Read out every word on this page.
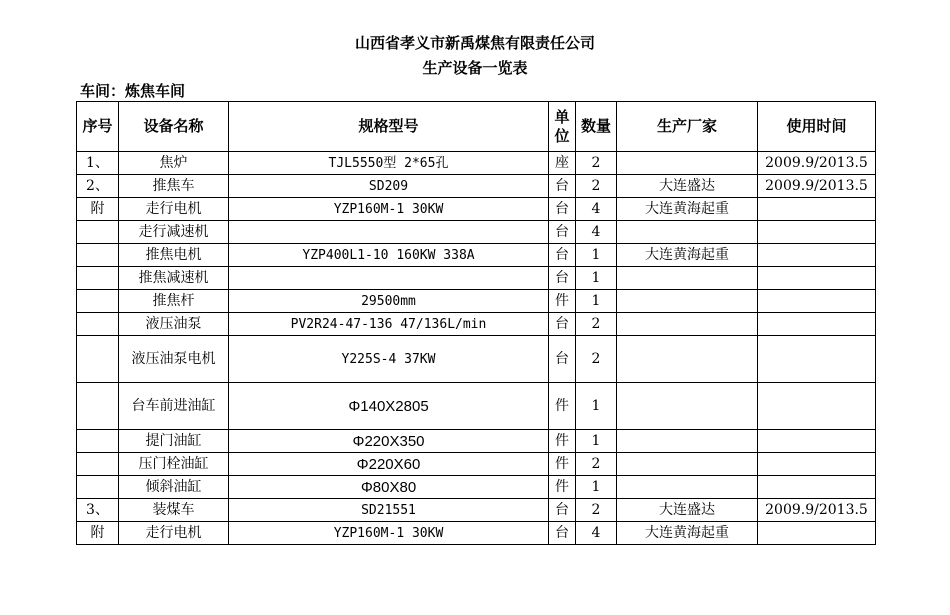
山西省孝义市新禹煤焦有限责任公司
生产设备一览表
车间：炼焦车间
序号	设备名称	规格型号	单位	数量	生产厂家	使用时间
1、	焦炉	TJL5550型 2*65孔	座	2		2009.9/2013.5
2、	推焦车	SD209	台	2	大连盛达	2009.9/2013.5
附	走行电机	YZP160M-1 30KW	台	4	大连黄海起重	
	走行减速机		台	4		
	推焦电机	YZP400L1-10 160KW 338A	台	1	大连黄海起重	
	推焦减速机		台	1		
	推焦杆	29500mm	件	1		
	液压油泵	PV2R24-47-136 47/136L/min	台	2		
	液压油泵电机	Y225S-4 37KW	台	2		
	台车前进油缸	Φ140X2805	件	1		
	提门油缸	Φ220X350	件	1		
	压门栓油缸	Φ220X60	件	2		
	倾斜油缸	Φ80X80	件	1		
3、	装煤车	SD21551	台	2	大连盛达	2009.9/2013.5
附	走行电机	YZP160M-1 30KW	台	4	大连黄海起重	
